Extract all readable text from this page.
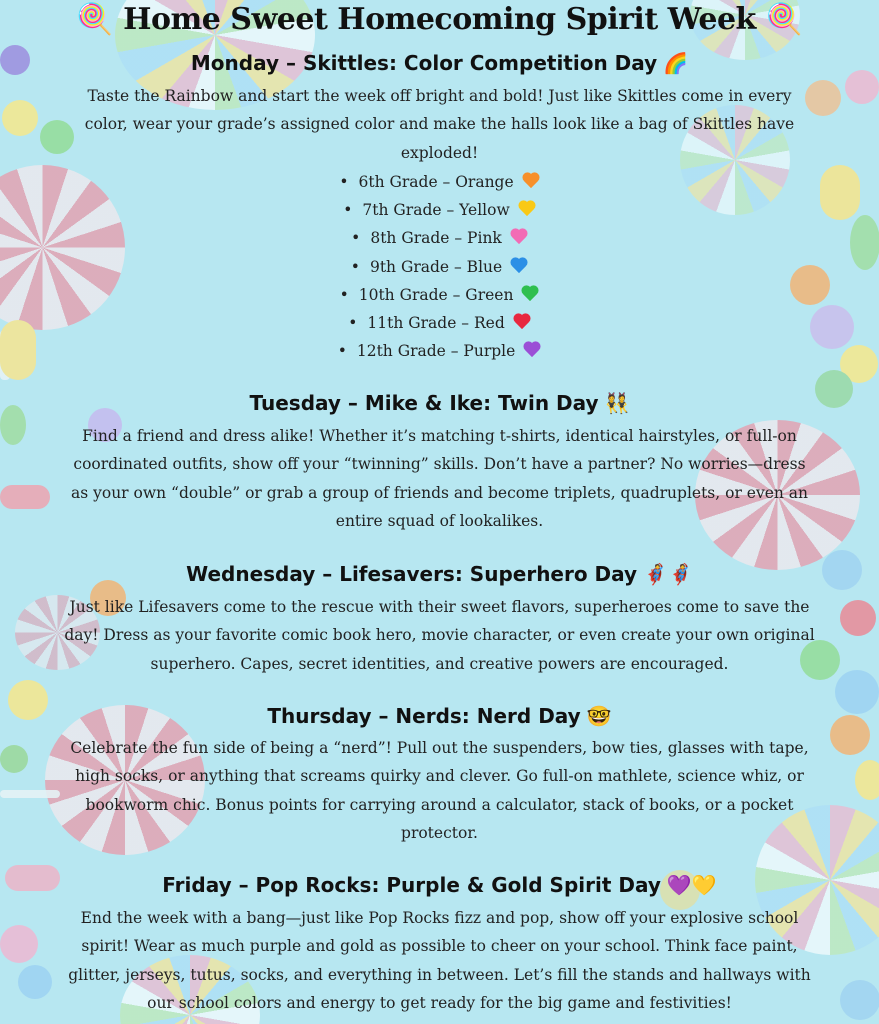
🍭 Home Sweet Homecoming Spirit Week 🍭
Monday – Skittles: Color Competition Day 🌈
Taste the Rainbow and start the week off bright and bold! Just like Skittles come in every color, wear your grade’s assigned color and make the halls look like a bag of Skittles have exploded!
• 6th Grade – Orange
• 7th Grade – Yellow
• 8th Grade – Pink
• 9th Grade – Blue
• 10th Grade – Green
• 11th Grade – Red
• 12th Grade – Purple
Tuesday – Mike & Ike: Twin Day 👯
Find a friend and dress alike! Whether it’s matching t-shirts, identical hairstyles, or full-on coordinated outfits, show off your “twinning” skills. Don’t have a partner? No worries—dress as your own “double” or grab a group of friends and become triplets, quadruplets, or even an entire squad of lookalikes.
Wednesday – Lifesavers: Superhero Day 🦸🦸
Just like Lifesavers come to the rescue with their sweet flavors, superheroes come to save the day! Dress as your favorite comic book hero, movie character, or even create your own original superhero. Capes, secret identities, and creative powers are encouraged.
Thursday – Nerds: Nerd Day 🤓
Celebrate the fun side of being a “nerd”! Pull out the suspenders, bow ties, glasses with tape, high socks, or anything that screams quirky and clever. Go full-on mathlete, science whiz, or bookworm chic. Bonus points for carrying around a calculator, stack of books, or a pocket protector.
Friday – Pop Rocks: Purple & Gold Spirit Day 💜💛
End the week with a bang—just like Pop Rocks fizz and pop, show off your explosive school spirit! Wear as much purple and gold as possible to cheer on your school. Think face paint, glitter, jerseys, tutus, socks, and everything in between. Let’s fill the stands and hallways with our school colors and energy to get ready for the big game and festivities!
